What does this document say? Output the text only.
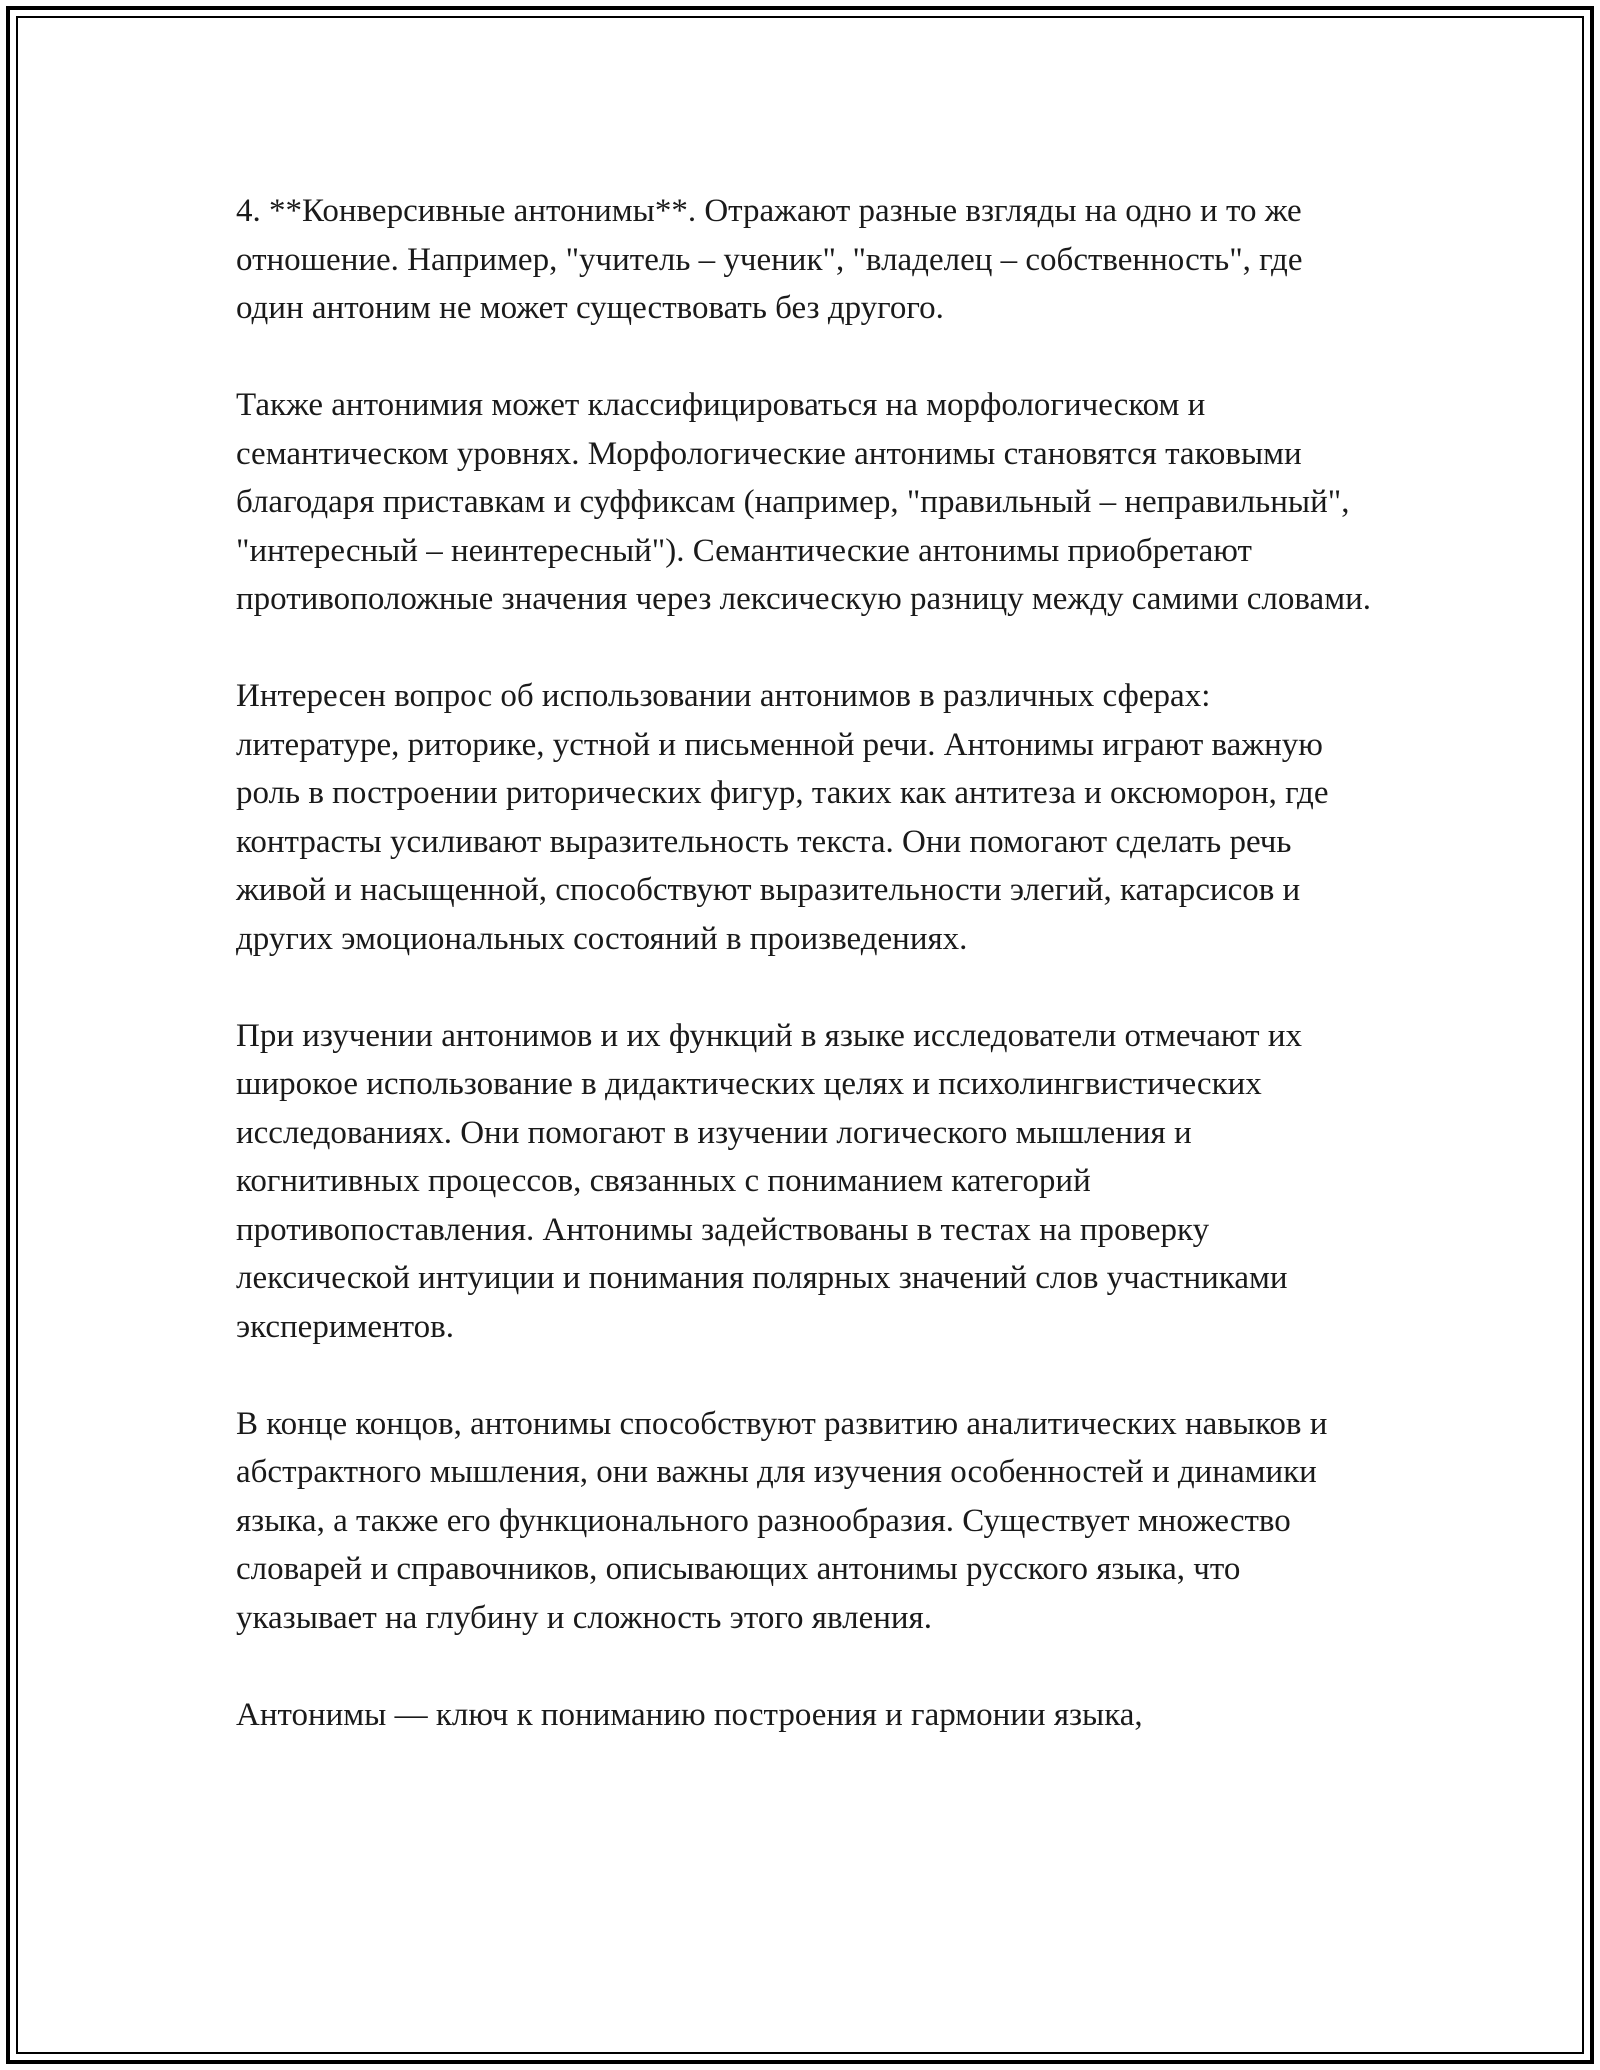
4. **Конверсивные антонимы**. Отражают разные взгляды на одно и то же отношение. Например, "учитель – ученик", "владелец – собственность", где один антоним не может существовать без другого.

Также антонимия может классифицироваться на морфологическом и семантическом уровнях. Морфологические антонимы становятся таковыми благодаря приставкам и суффиксам (например, "правильный – неправильный", "интересный – неинтересный"). Семантические антонимы приобретают противоположные значения через лексическую разницу между самими словами.

Интересен вопрос об использовании антонимов в различных сферах: литературе, риторике, устной и письменной речи. Антонимы играют важную роль в построении риторических фигур, таких как антитеза и оксюморон, где контрасты усиливают выразительность текста. Они помогают сделать речь живой и насыщенной, способствуют выразительности элегий, катарсисов и других эмоциональных состояний в произведениях.

При изучении антонимов и их функций в языке исследователи отмечают их широкое использование в дидактических целях и психолингвистических исследованиях. Они помогают в изучении логического мышления и когнитивных процессов, связанных с пониманием категорий противопоставления. Антонимы задействованы в тестах на проверку лексической интуиции и понимания полярных значений слов участниками экспериментов.

В конце концов, антонимы способствуют развитию аналитических навыков и абстрактного мышления, они важны для изучения особенностей и динамики языка, а также его функционального разнообразия. Существует множество словарей и справочников, описывающих антонимы русского языка, что указывает на глубину и сложность этого явления.

Антонимы — ключ к пониманию построения и гармонии языка,
